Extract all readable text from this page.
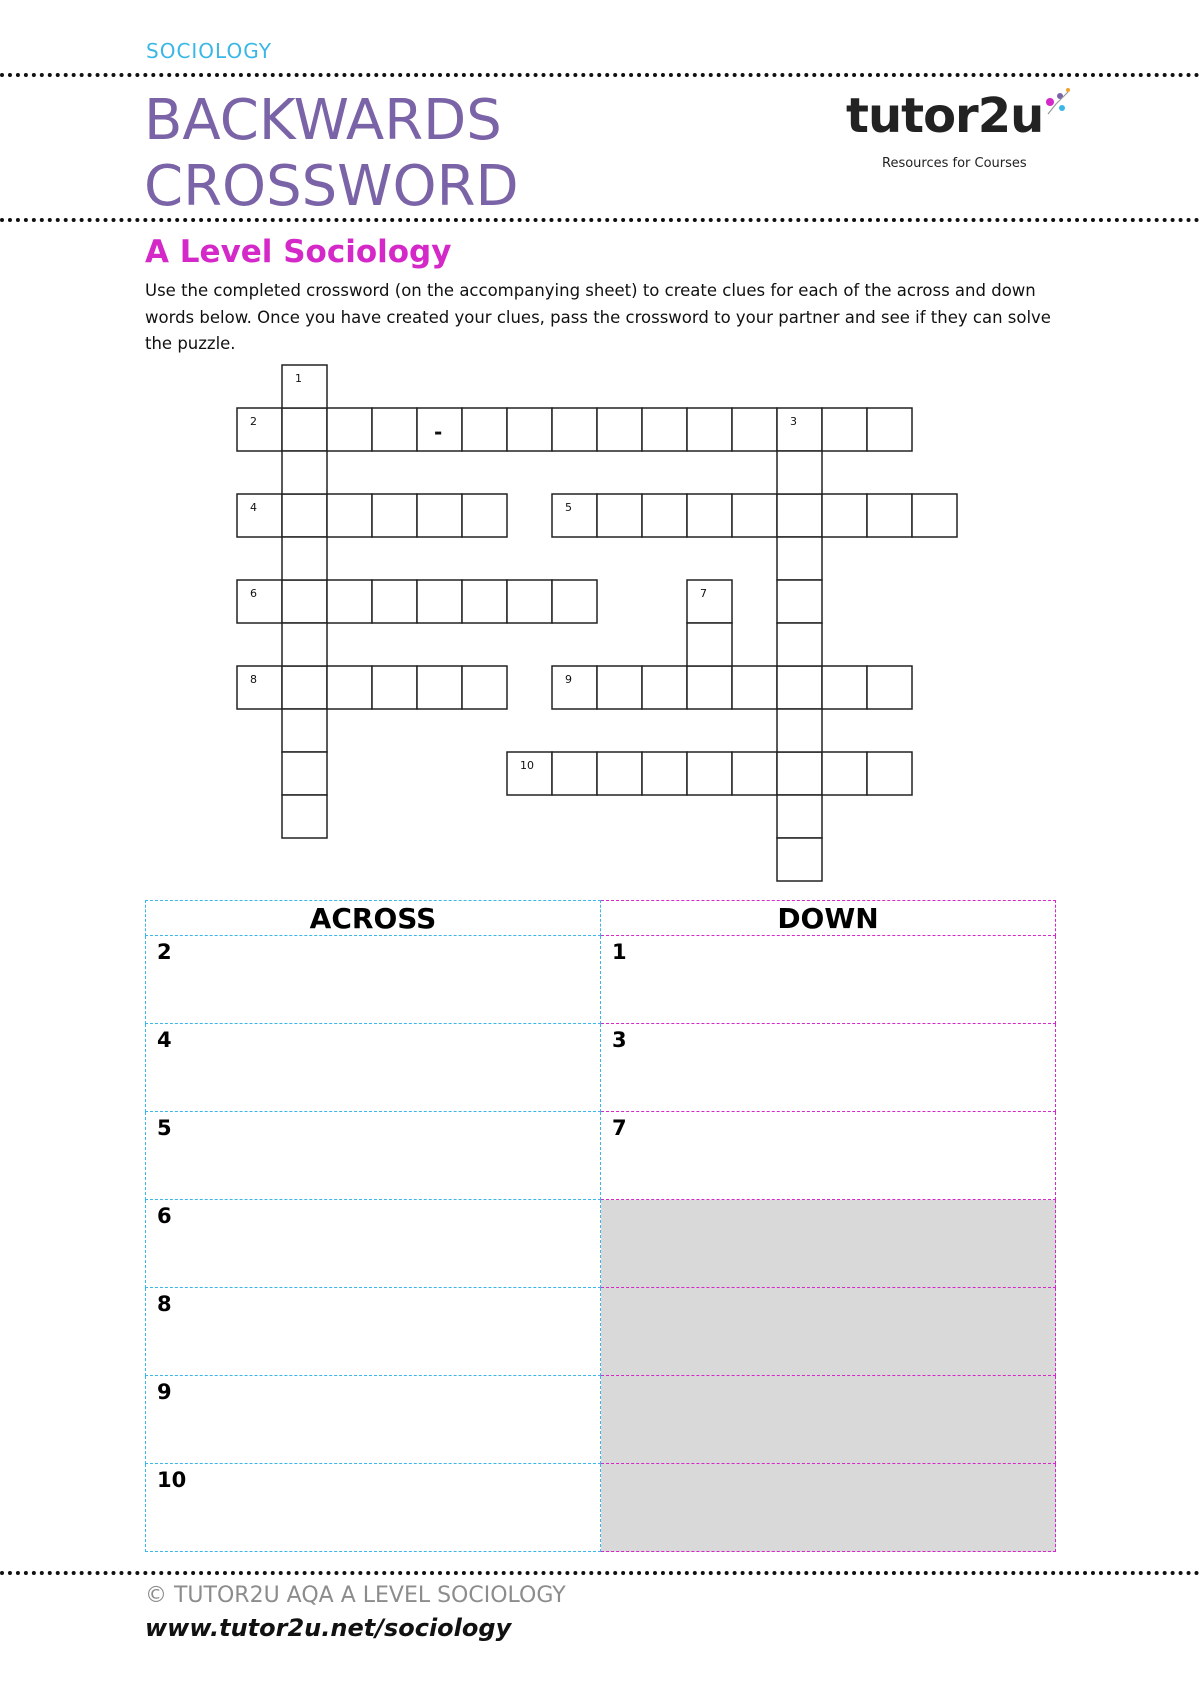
SOCIOLOGY
BACKWARDS
CROSSWORD
tutor2u
Resources for Courses
A Level Sociology
Use the completed crossword (on the accompanying sheet) to create clues for each of the across and down words below. Once you have created your clues, pass the crossword to your partner and see if they can solve the puzzle.
1
2	3
4	5
6	7
8	9
10
-
ACROSS	DOWN
2	1
4	3
5	7
6	
8	
9	
10	
© TUTOR2U AQA A LEVEL SOCIOLOGY
www.tutor2u.net/sociology
